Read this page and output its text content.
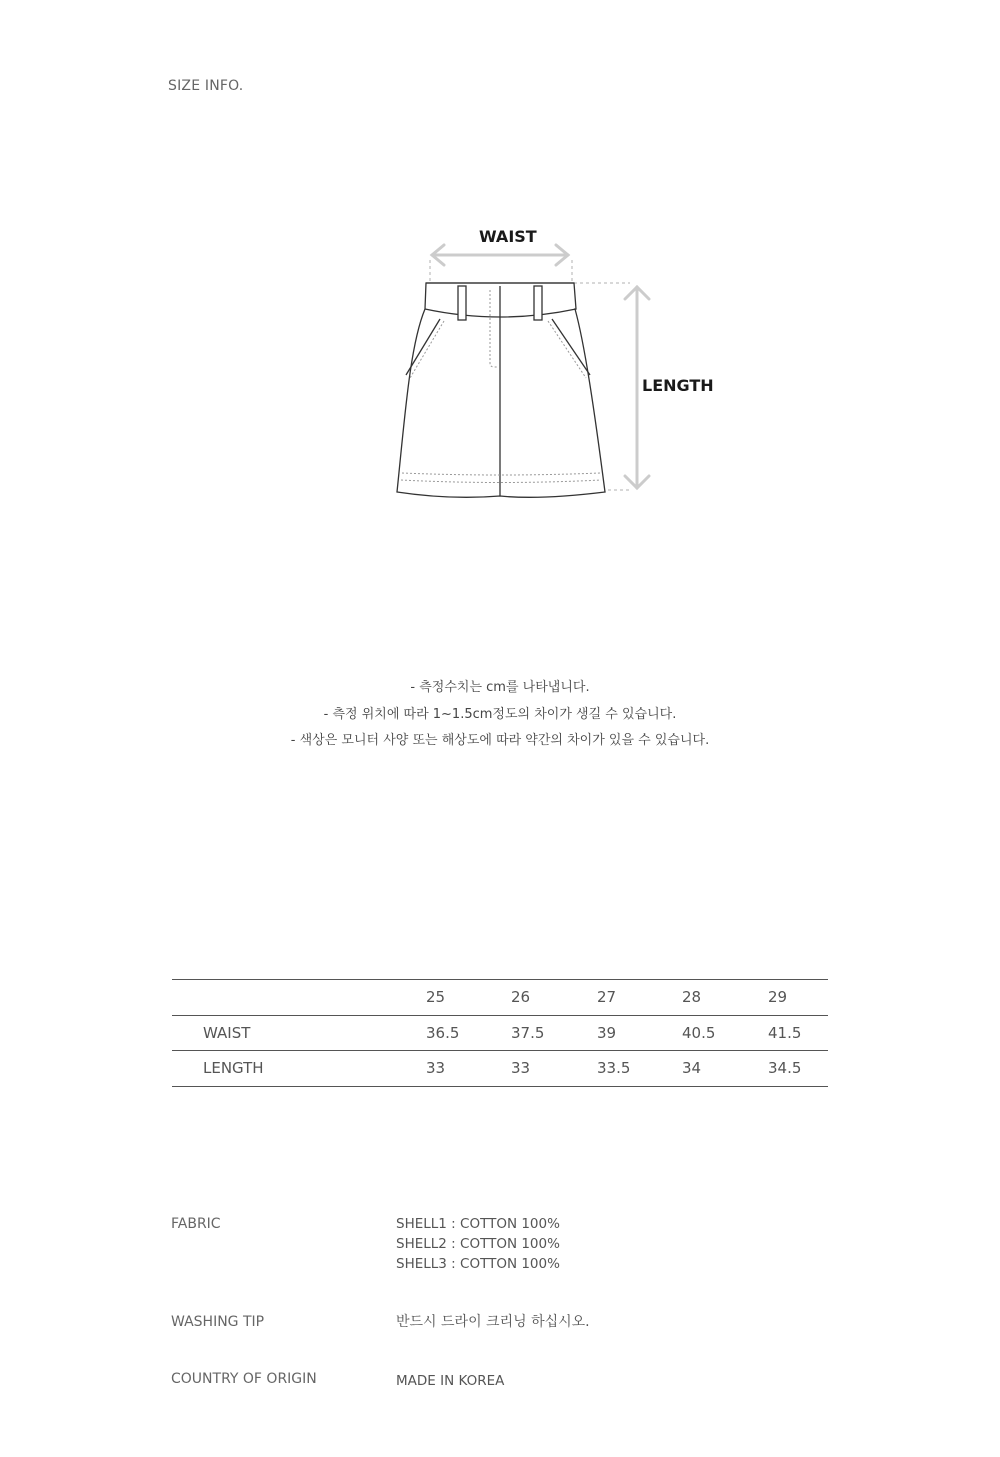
SIZE INFO.
WAIST
LENGTH
- 측정수치는 cm를 나타냅니다.
- 측정 위치에 따라 1~1.5cm정도의 차이가 생길 수 있습니다.
- 색상은 모니터 사양 또는 해상도에 따라 약간의 차이가 있을 수 있습니다.
	25	26	27	28	29
WAIST	36.5	37.5	39	40.5	41.5
LENGTH	33	33	33.5	34	34.5
FABRIC	SHELL1 : COTTON 100%
SHELL2 : COTTON 100%
SHELL3 : COTTON 100%
WASHING TIP	반드시 드라이 크리닝 하십시오.
COUNTRY OF ORIGIN	MADE IN KOREA
